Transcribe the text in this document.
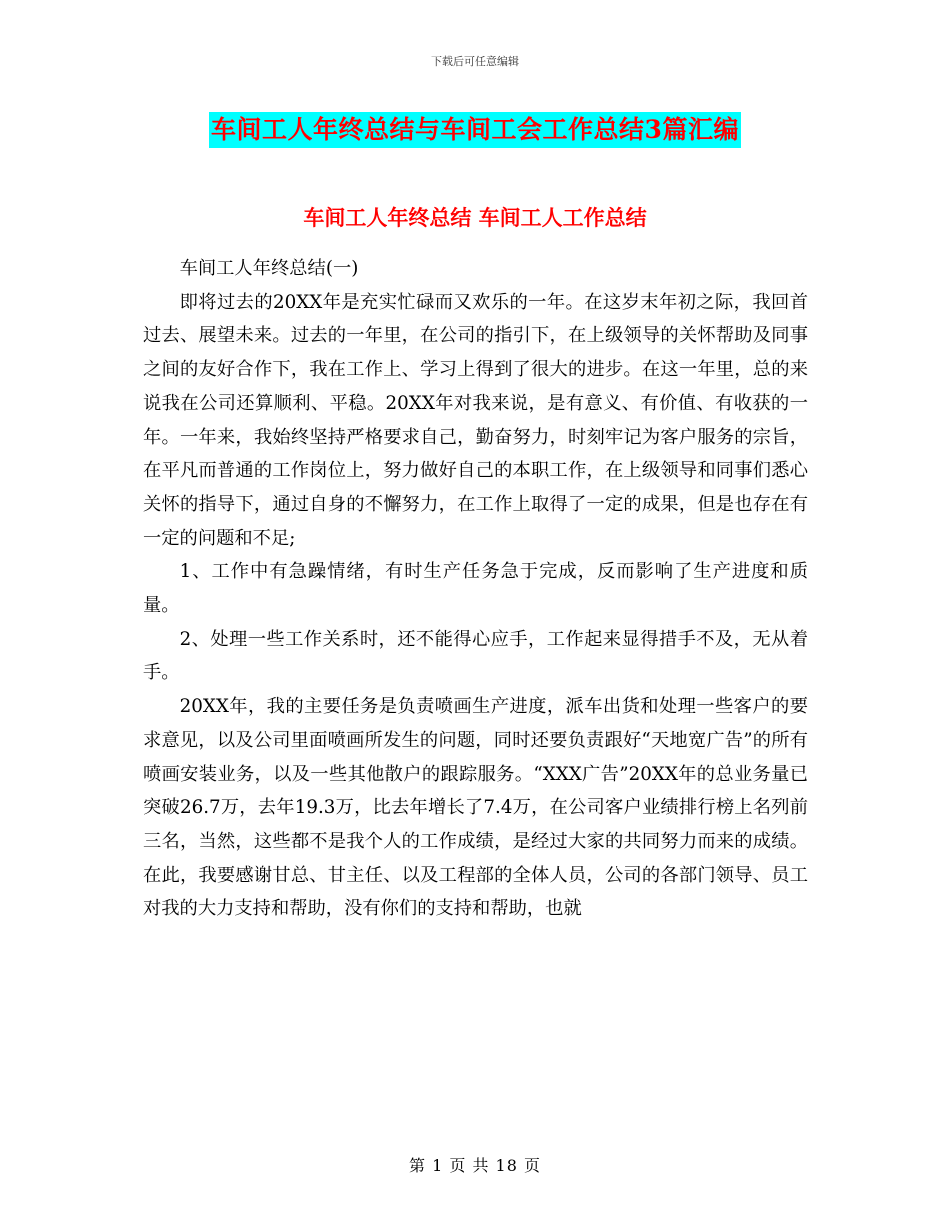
下载后可任意编辑
车间工人年终总结与车间工会工作总结3篇汇编
车间工人年终总结 车间工人工作总结

车间工人年终总结(一)

即将过去的20XX年是充实忙碌而又欢乐的一年。在这岁末年初之际，我回首过去、展望未来。过去的一年里，在公司的指引下，在上级领导的关怀帮助及同事之间的友好合作下，我在工作上、学习上得到了很大的进步。在这一年里，总的来说我在公司还算顺利、平稳。20XX年对我来说，是有意义、有价值、有收获的一年。一年来，我始终坚持严格要求自己，勤奋努力，时刻牢记为客户服务的宗旨，在平凡而普通的工作岗位上，努力做好自己的本职工作，在上级领导和同事们悉心关怀的指导下，通过自身的不懈努力，在工作上取得了一定的成果，但是也存在有一定的问题和不足;

1、工作中有急躁情绪，有时生产任务急于完成，反而影响了生产进度和质量。

2、处理一些工作关系时，还不能得心应手，工作起来显得措手不及，无从着手。

20XX年，我的主要任务是负责喷画生产进度，派车出货和处理一些客户的要求意见，以及公司里面喷画所发生的问题，同时还要负责跟好“天地宽广告”的所有喷画安装业务，以及一些其他散户的跟踪服务。“XXX广告”20XX年的总业务量已突破26.7万，去年19.3万，比去年增长了7.4万，在公司客户业绩排行榜上名列前三名，当然，这些都不是我个人的工作成绩，是经过大家的共同努力而来的成绩。在此，我要感谢甘总、甘主任、以及工程部的全体人员，公司的各部门领导、员工对我的大力支持和帮助，没有你们的支持和帮助，也就

第 1 页 共 18 页
